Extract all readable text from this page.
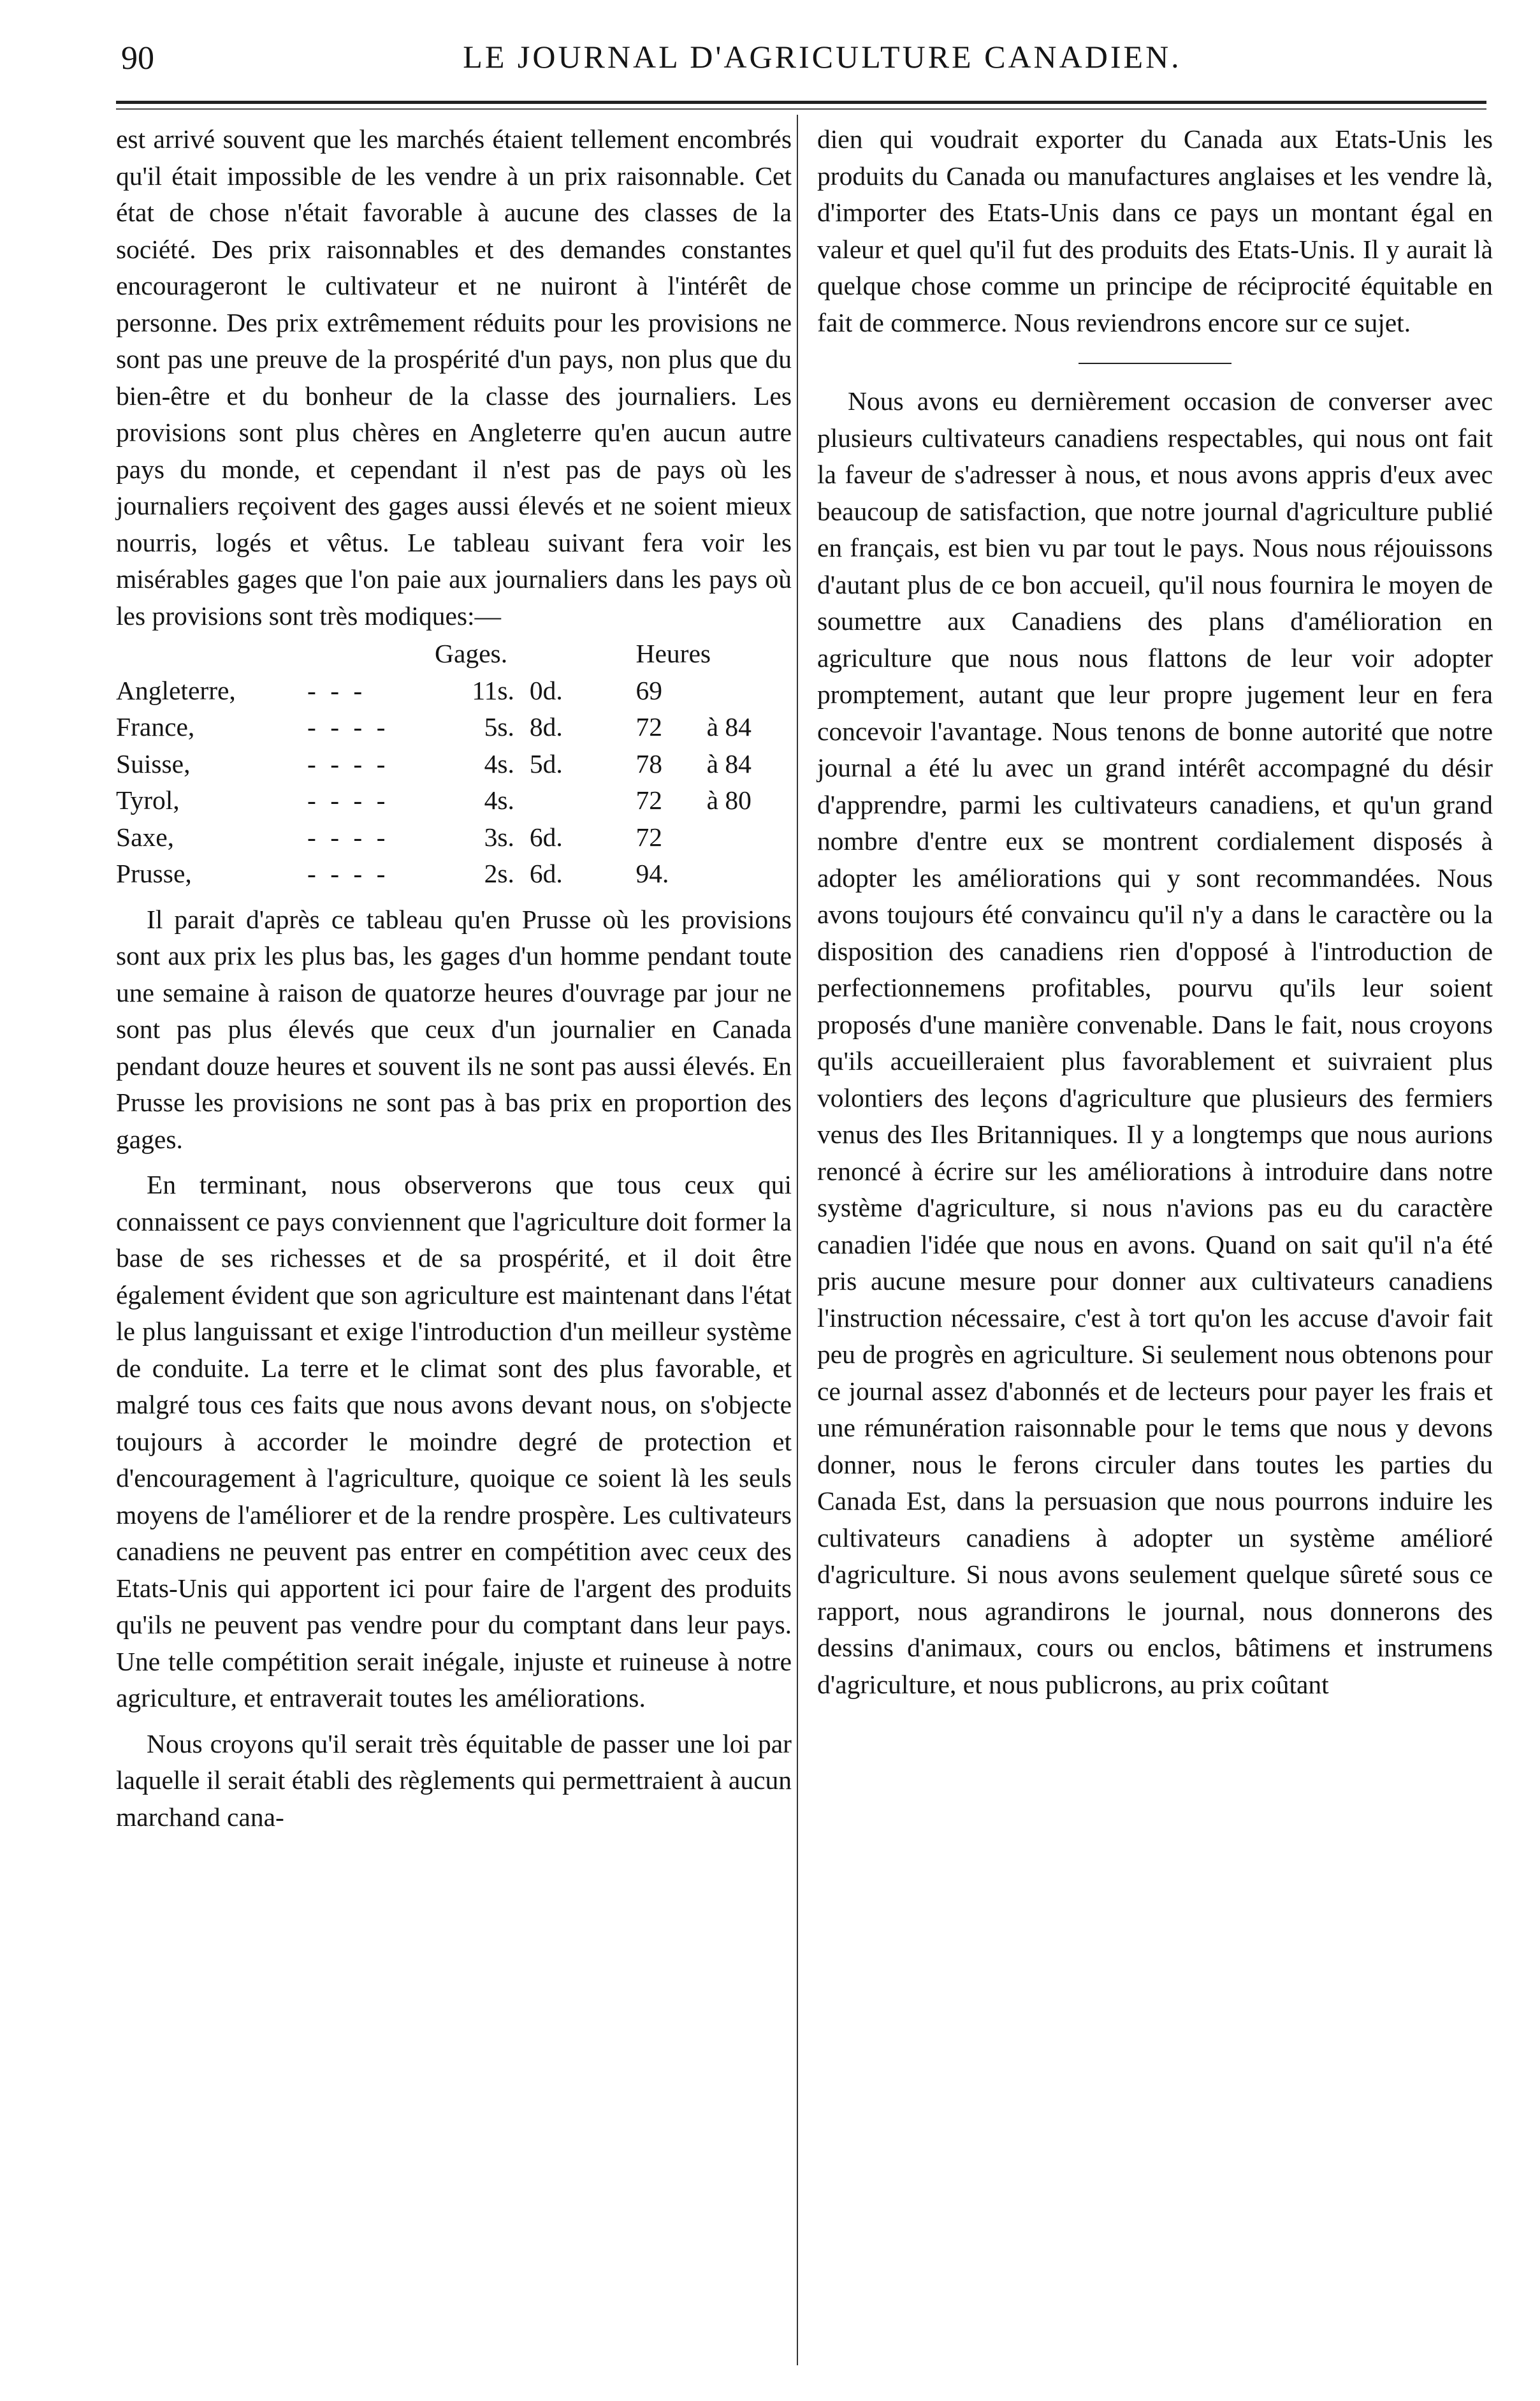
90	LE JOURNAL D'AGRICULTURE CANADIEN.

est arrivé souvent que les marchés étaient tellement encombrés qu'il était impossible de les vendre à un prix raisonnable. Cet état de chose n'était favorable à aucune des classes de la société. Des prix raisonnables et des demandes constantes encourageront le cultivateur et ne nuiront à l'intérêt de personne. Des prix extrêmement réduits pour les provisions ne sont pas une preuve de la prospérité d'un pays, non plus que du bien-être et du bonheur de la classe des journaliers. Les provisions sont plus chères en Angleterre qu'en aucun autre pays du monde, et cependant il n'est pas de pays où les journaliers reçoivent des gages aussi élevés et ne soient mieux nourris, logés et vêtus. Le tableau suivant fera voir les misérables gages que l'on paie aux journaliers dans les pays où les provisions sont très modiques:—

		Gages.		Heures	
Angleterre,	- - -	11s.	0d.	69	
France,	- - - -	5s.	8d.	72	à 84
Suisse,	- - - -	4s.	5d.	78	à 84
Tyrol,	- - - -	4s.		72	à 80
Saxe,	- - - -	3s.	6d.	72	
Prusse,	- - - -	2s.	6d.	94.	

Il parait d'après ce tableau qu'en Prusse où les provisions sont aux prix les plus bas, les gages d'un homme pendant toute une semaine à raison de quatorze heures d'ouvrage par jour ne sont pas plus élevés que ceux d'un journalier en Canada pendant douze heures et souvent ils ne sont pas aussi élevés. En Prusse les provisions ne sont pas à bas prix en proportion des gages.

En terminant, nous observerons que tous ceux qui connaissent ce pays conviennent que l'agriculture doit former la base de ses richesses et de sa prospérité, et il doit être également évident que son agriculture est maintenant dans l'état le plus languissant et exige l'introduction d'un meilleur système de conduite. La terre et le climat sont des plus favorable, et malgré tous ces faits que nous avons devant nous, on s'objecte toujours à accorder le moindre degré de protection et d'encouragement à l'agriculture, quoique ce soient là les seuls moyens de l'améliorer et de la rendre prospère. Les cultivateurs canadiens ne peuvent pas entrer en compétition avec ceux des Etats-Unis qui apportent ici pour faire de l'argent des produits qu'ils ne peuvent pas vendre pour du comptant dans leur pays. Une telle compétition serait inégale, injuste et ruineuse à notre agriculture, et entraverait toutes les améliorations.

Nous croyons qu'il serait très équitable de passer une loi par laquelle il serait établi des règlements qui permettraient à aucun marchand cana-

dien qui voudrait exporter du Canada aux Etats-Unis les produits du Canada ou manufactures anglaises et les vendre là, d'importer des Etats-Unis dans ce pays un montant égal en valeur et quel qu'il fut des produits des Etats-Unis. Il y aurait là quelque chose comme un principe de réciprocité équitable en fait de commerce. Nous reviendrons encore sur ce sujet.

Nous avons eu dernièrement occasion de converser avec plusieurs cultivateurs canadiens respectables, qui nous ont fait la faveur de s'adresser à nous, et nous avons appris d'eux avec beaucoup de satisfaction, que notre journal d'agriculture publié en français, est bien vu par tout le pays. Nous nous réjouissons d'autant plus de ce bon accueil, qu'il nous fournira le moyen de soumettre aux Canadiens des plans d'amélioration en agriculture que nous nous flattons de leur voir adopter promptement, autant que leur propre jugement leur en fera concevoir l'avantage. Nous tenons de bonne autorité que notre journal a été lu avec un grand intérêt accompagné du désir d'apprendre, parmi les cultivateurs canadiens, et qu'un grand nombre d'entre eux se montrent cordialement disposés à adopter les améliorations qui y sont recommandées. Nous avons toujours été convaincu qu'il n'y a dans le caractère ou la disposition des canadiens rien d'opposé à l'introduction de perfectionnemens profitables, pourvu qu'ils leur soient proposés d'une manière convenable. Dans le fait, nous croyons qu'ils accueilleraient plus favorablement et suivraient plus volontiers des leçons d'agriculture que plusieurs des fermiers venus des Iles Britanniques. Il y a longtemps que nous aurions renoncé à écrire sur les améliorations à introduire dans notre système d'agriculture, si nous n'avions pas eu du caractère canadien l'idée que nous en avons. Quand on sait qu'il n'a été pris aucune mesure pour donner aux cultivateurs canadiens l'instruction nécessaire, c'est à tort qu'on les accuse d'avoir fait peu de progrès en agriculture. Si seulement nous obtenons pour ce journal assez d'abonnés et de lecteurs pour payer les frais et une rémunération raisonnable pour le tems que nous y devons donner, nous le ferons circuler dans toutes les parties du Canada Est, dans la persuasion que nous pourrons induire les cultivateurs canadiens à adopter un système amélioré d'agriculture. Si nous avons seulement quelque sûreté sous ce rapport, nous agrandirons le journal, nous donnerons des dessins d'animaux, cours ou enclos, bâtimens et instrumens d'agriculture, et nous publicrons, au prix coûtant
